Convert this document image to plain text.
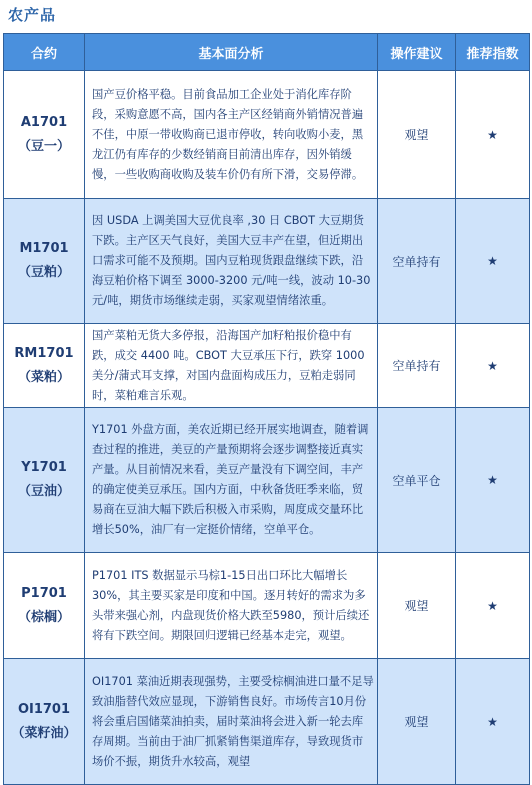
农产品
合约	基本面分析	操作建议	推荐指数

A1701
（豆一）	国产豆价格平稳。目前食品加工企业处于消化库存阶段，采购意愿不高，国内各主产区经销商外销情况普遍不佳，中原一带收购商已退市停收，转向收购小麦，黑龙江仍有库存的少数经销商目前清出库存，因外销缓慢，一些收购商收购及装车价仍有所下滑，交易停滞。	观望	★

M1701
（豆粕）	因 USDA 上调美国大豆优良率 ,30 日 CBOT 大豆期货下跌。主产区天气良好，美国大豆丰产在望，但近期出口需求可能不及预期。国内豆粕现货跟盘继续下跌，沿海豆粕价格下调至 3000-3200 元/吨一线，波动 10-30 元/吨，期货市场继续走弱，买家观望情绪浓重。	空单持有	★

RM1701
（菜粕）	国产菜粕无货大多停报，沿海国产加籽粕报价稳中有跌，成交 4400 吨。CBOT 大豆承压下行，跌穿 1000 美分/蒲式耳支撑，对国内盘面构成压力，豆粕走弱同时，菜粕难言乐观。	空单持有	★

Y1701
（豆油）	Y1701 外盘方面，美农近期已经开展实地调查，随着调查过程的推进，美豆的产量预期将会逐步调整接近真实产量。从目前情况来看，美豆产量没有下调空间，丰产的确定使美豆承压。国内方面，中秋备货旺季来临，贸易商在豆油大幅下跌后积极入市采购，周度成交量环比增长50%，油厂有一定挺价情绪，空单平仓。	空单平仓	★

P1701
（棕榈）	P1701 ITS 数据显示马棕1-15日出口环比大幅增长30%，其主要买家是印度和中国。逐月转好的需求为多头带来强心剂，内盘现货价格大跌至5980，预计后续还将有下跌空间。期限回归逻辑已经基本走完，观望。	观望	★

OI1701
（菜籽油）	OI1701 菜油近期表现强势，主要受棕榈油进口量不足导致油脂替代效应显现，下游销售良好。市场传言10月份将会重启国储菜油拍卖，届时菜油将会进入新一轮去库存周期。当前由于油厂抓紧销售渠道库存，导致现货市场价不振，期货升水较高，观望	观望	★
